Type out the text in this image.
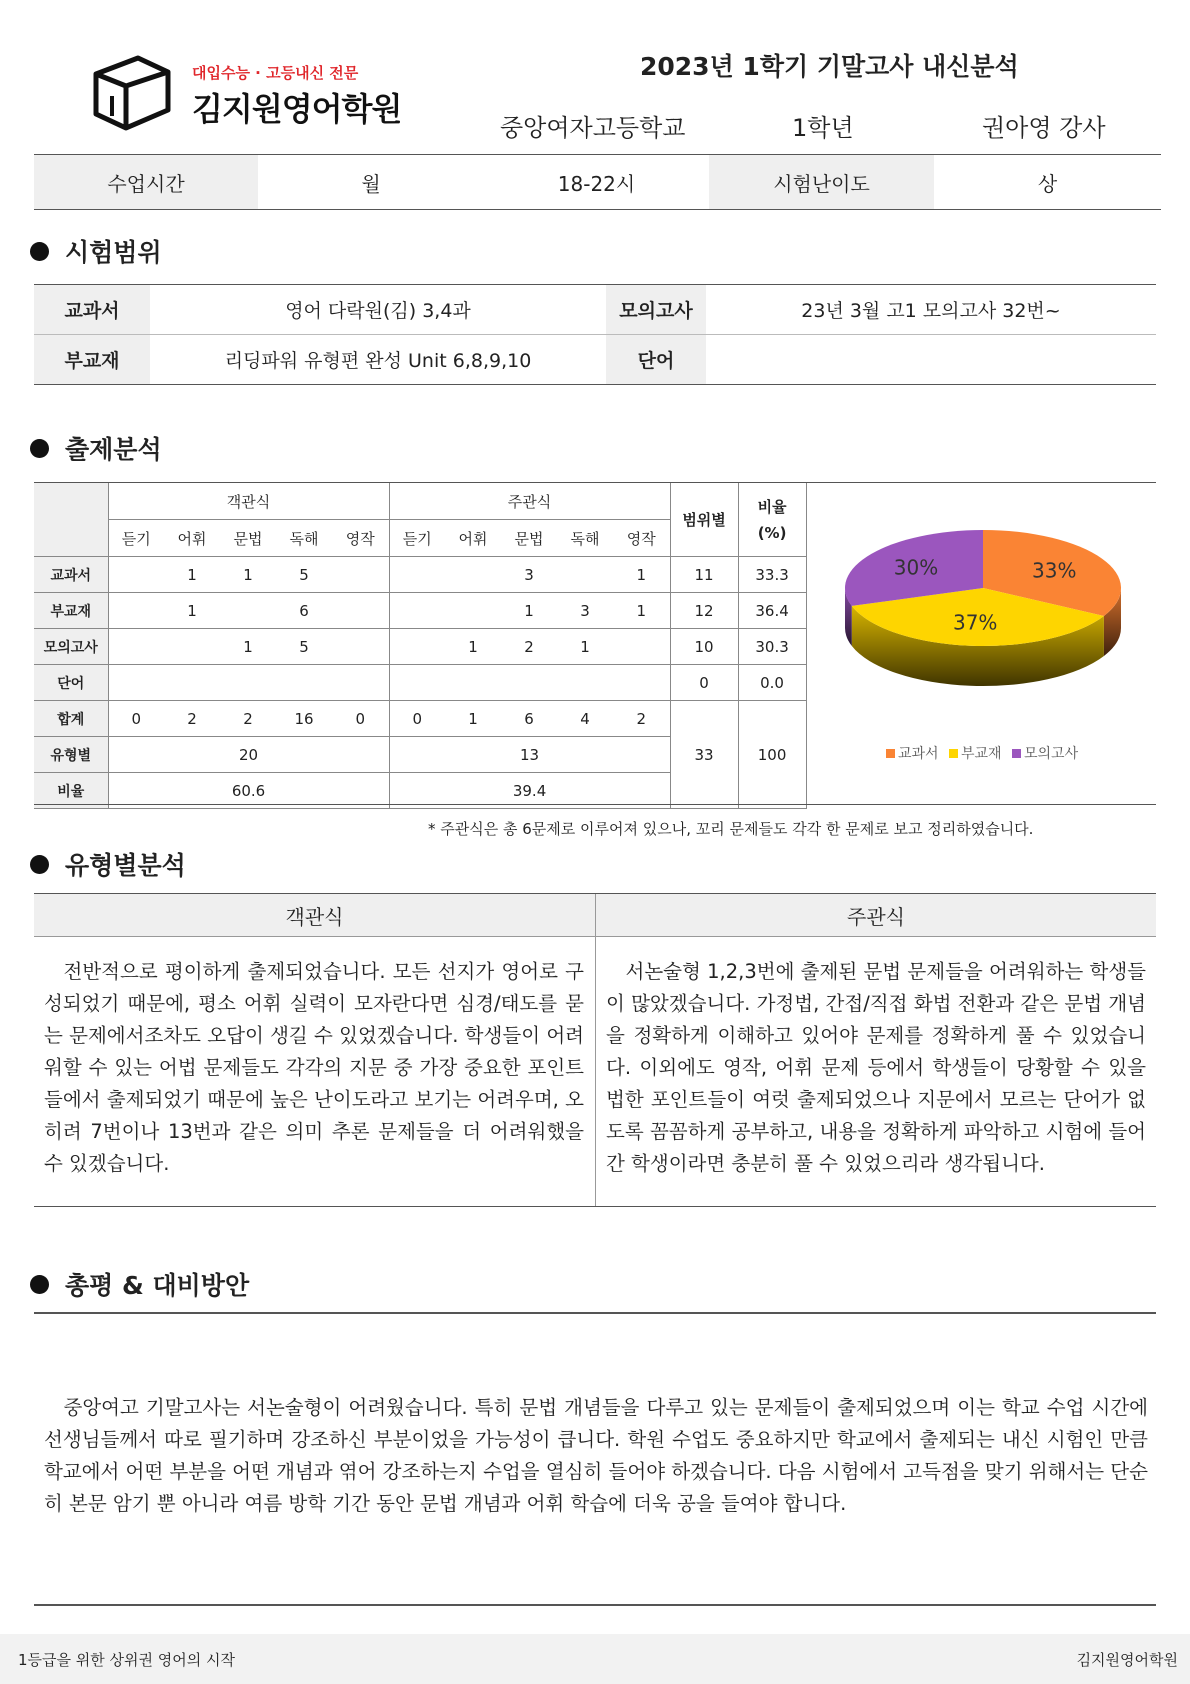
대입수능 · 고등내신 전문
김지원영어학원
2023년 1학기 기말고사 내신분석
중앙여자고등학교	1학년	권아영 강사
수업시간	월	18-22시	시험난이도	상
시험범위
교과서	영어 다락원(김) 3,4과	모의고사	23년 3월 고1 모의고사 32번~
부교재	리딩파워 유형편 완성 Unit 6,8,9,10	단어
출제분석
	객관식					주관식					범위별	비율
(%)

	듣기	어휘	문법	독해	영작	듣기	어휘	문법	독해	영작		
교과서		1	1	5				3		1	11	33.3
부교재		1		6				1	3	1	12	36.4
모의고사			1	5			1	2	1		10	30.3
단어											0	0.0
합계	0	2	2	16	0	0	1	6	4	2	33	100
유형별	20					13						
비율	60.6					39.4						
33%
37%
30%
교과서 부교재 모의고사
* 주관식은 총 6문제로 이루어져 있으나, 꼬리 문제들도 각각 한 문제로 보고 정리하였습니다.
유형별분석
객관식	주관식
전반적으로 평이하게 출제되었습니다. 모든 선지가 영어로 구성되었기 때문에, 평소 어휘 실력이 모자란다면 심경/태도를 묻는 문제에서조차도 오답이 생길 수 있었겠습니다. 학생들이 어려워할 수 있는 어법 문제들도 각각의 지문 중 가장 중요한 포인트들에서 출제되었기 때문에 높은 난이도라고 보기는 어려우며, 오히려 7번이나 13번과 같은 의미 추론 문제들을 더 어려워했을 수 있겠습니다.
서논술형 1,2,3번에 출제된 문법 문제들을 어려워하는 학생들이 많았겠습니다. 가정법, 간접/직접 화법 전환과 같은 문법 개념을 정확하게 이해하고 있어야 문제를 정확하게 풀 수 있었습니다. 이외에도 영작, 어휘 문제 등에서 학생들이 당황할 수 있을 법한 포인트들이 여럿 출제되었으나 지문에서 모르는 단어가 없도록 꼼꼼하게 공부하고, 내용을 정확하게 파악하고 시험에 들어간 학생이라면 충분히 풀 수 있었으리라 생각됩니다.
총평 & 대비방안
중앙여고 기말고사는 서논술형이 어려웠습니다. 특히 문법 개념들을 다루고 있는 문제들이 출제되었으며 이는 학교 수업 시간에 선생님들께서 따로 필기하며 강조하신 부분이었을 가능성이 큽니다. 학원 수업도 중요하지만 학교에서 출제되는 내신 시험인 만큼 학교에서 어떤 부분을 어떤 개념과 엮어 강조하는지 수업을 열심히 들어야 하겠습니다. 다음 시험에서 고득점을 맞기 위해서는 단순히 본문 암기 뿐 아니라 여름 방학 기간 동안 문법 개념과 어휘 학습에 더욱 공을 들여야 합니다.
1등급을 위한 상위권 영어의 시작	김지원영어학원
